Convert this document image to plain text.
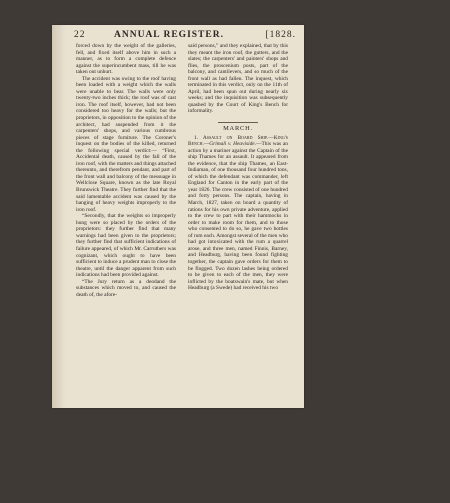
22	ANNUAL REGISTER.	[1828.

forced down by the weight of the galleries, fell, and fixed itself above him in such a manner, as to form a complete defence against the superincumbent mass, till he was taken out unhurt.

The accident was owing to the roof having been loaded with a weight which the walls were unable to bear. The walls were only twenty-two inches thick; the roof was of cast iron. The roof itself, however, had not been considered too heavy for the walls; but the proprietors, in opposition to the opinion of the architect, had suspended from it the carpenters' shops, and various cumbrous pieces of stage furniture. The Coroner's inquest on the bodies of the killed, returned the following special verdict:— “First, Accidental death, caused by the fall of the iron roof, with the matters and things attached thereunto, and therefrom pendant, and part of the front wall and balcony of the messuage in Wellclose Square, known as the late Royal Brunswick Theatre. They further find that the said lamentable accident was caused by the hanging of heavy weights improperly to the iron roof.

“Secondly, that the weights so improperly hung were so placed by the orders of the proprietors: they further find that many warnings had been given to the proprietors; they further find that sufficient indications of failure appeared, of which Mr. Carruthers was cognizant, which ought to have been sufficient to induce a prudent man to close the theatre, until the danger apparent from such indications had been provided against.

“The Jury return as a deodand the substances which moved to, and caused the death of, the afore-

said persons,” and they explained, that by this they meant the iron roof, the gutters, and the slates; the carpenters' and painters' shops and flies, the proscenium posts, part of the balcony, and cantilevers, and so much of the front wall as had fallen. The inquest, which terminated in this verdict, only on the 11th of April, had been spun out during nearly six weeks; and the inquisition was subsequently quashed by the Court of King's Bench for informality.

MARCH.

1. Assault on Board Ship.—King's Bench.—Grimali v. Heaviside.—This was an action by a mariner against the Captain of the ship Thames for an assault. It appeared from the evidence, that the ship Thames, an East-Indiaman, of one thousand four hundred tons, of which the defendant was commander, left England for Canton in the early part of the year 1826. The crew consisted of one hundred and forty persons. The captain, having in March, 1827, taken on board a quantity of rations for his own private adventure, applied to the crew to part with their hammocks in order to make room for them, and to those who consented to do so, he gave two bottles of rum each. Amongst several of the men who had got intoxicated with the rum a quarrel arose, and three men, named Finnis, Barney, and Headburg, having been found fighting together, the captain gave orders for them to be flogged. Two dozen lashes being ordered to be given to each of the men, they were inflicted by the boatswain's mate, but when Headburg (a Swede) had received his two
